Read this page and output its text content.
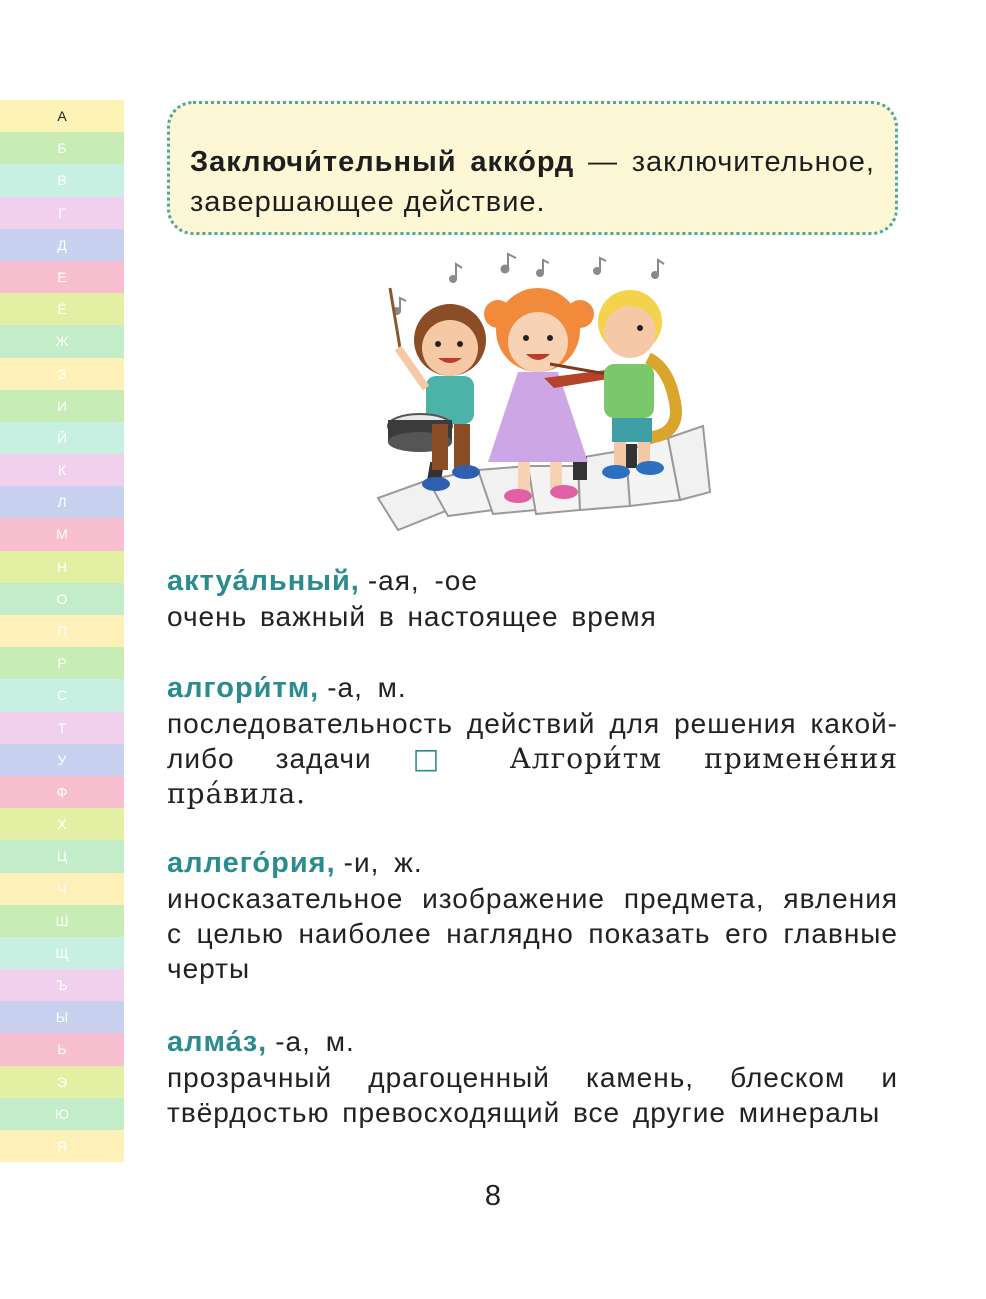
А
Б
В
Г
Д
Е
Ё
Ж
З
И
Й
К
Л
М
Н
О
П
Р
С
Т
У
Ф
Х
Ц
Ч
Ш
Щ
Ъ
Ы
Ь
Э
Ю
Я
Заключи́тельный акко́рд — заключительное, завершающее действие.
актуа́льный, -ая, -ое
очень важный в настоящее время
алгори́тм, -а, м.
последовательность действий для решения какой-либо задачи □ Алгори́тм примене́ния пра́вила.
аллего́рия, -и, ж.
иносказательное изображение предмета, явления с целью наиболее наглядно показать его главные черты
алма́з, -а, м.
прозрачный драгоценный камень, блеском и твёрдостью превосходящий все другие минералы
8
